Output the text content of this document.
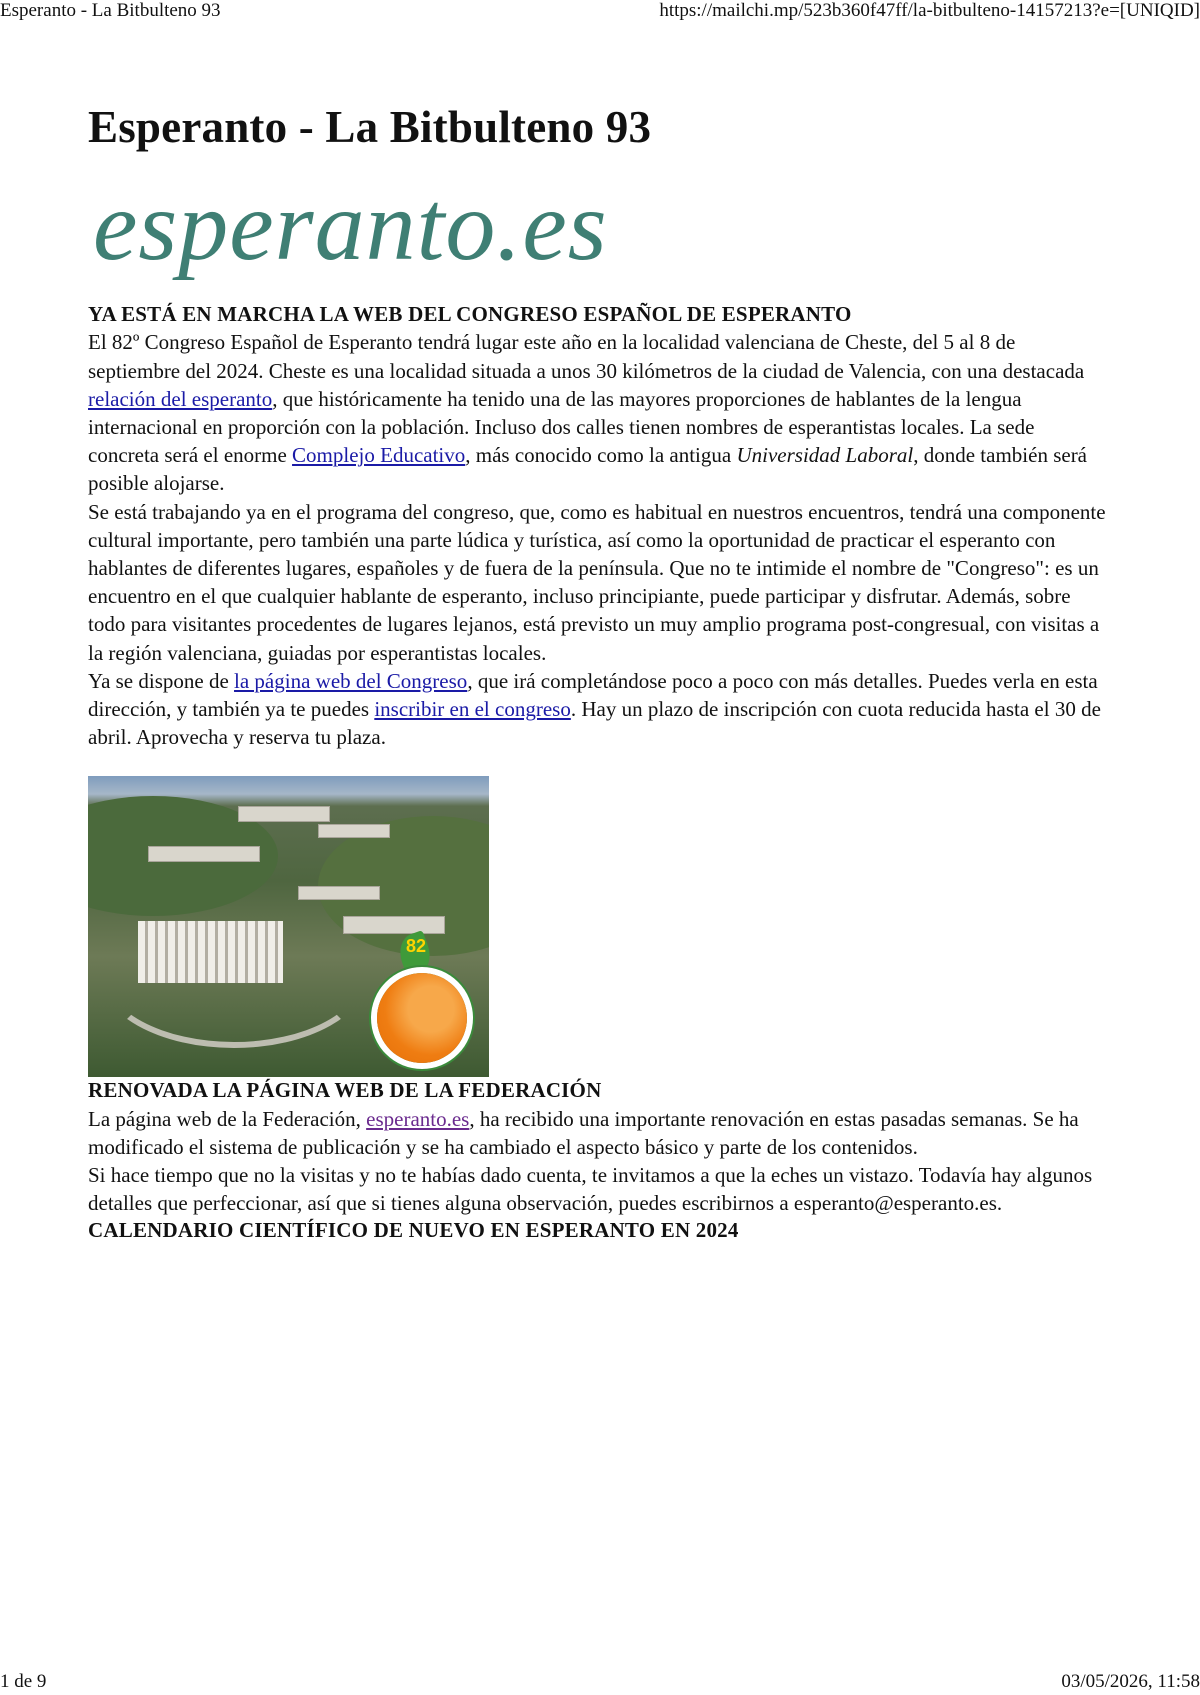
Esperanto - La Bitbulteno 93	https://mailchi.mp/523b360f47ff/la-bitbulteno-14157213?e=[UNIQID]
Esperanto - La Bitbulteno 93
esperanto.es
YA ESTÁ EN MARCHA LA WEB DEL CONGRESO ESPAÑOL DE ESPERANTO

El 82º Congreso Español de Esperanto tendrá lugar este año en la localidad valenciana de Cheste, del 5 al 8 de septiembre del 2024. Cheste es una localidad situada a unos 30 kilómetros de la ciudad de Valencia, con una destacada relación del esperanto, que históricamente ha tenido una de las mayores proporciones de hablantes de la lengua internacional en proporción con la población. Incluso dos calles tienen nombres de esperantistas locales. La sede concreta será el enorme Complejo Educativo, más conocido como la antigua Universidad Laboral, donde también será posible alojarse.

Se está trabajando ya en el programa del congreso, que, como es habitual en nuestros encuentros, tendrá una componente cultural importante, pero también una parte lúdica y turística, así como la oportunidad de practicar el esperanto con hablantes de diferentes lugares, españoles y de fuera de la península. Que no te intimide el nombre de "Congreso": es un encuentro en el que cualquier hablante de esperanto, incluso principiante, puede participar y disfrutar. Además, sobre todo para visitantes procedentes de lugares lejanos, está previsto un muy amplio programa post-congresual, con visitas a la región valenciana, guiadas por esperantistas locales.

Ya se dispone de la página web del Congreso, que irá completándose poco a poco con más detalles. Puedes verla en esta dirección, y también ya te puedes inscribir en el congreso. Hay un plazo de inscripción con cuota reducida hasta el 30 de abril. Aprovecha y reserva tu plaza.

82
RENOVADA LA PÁGINA WEB DE LA FEDERACIÓN

La página web de la Federación, esperanto.es, ha recibido una importante renovación en estas pasadas semanas. Se ha modificado el sistema de publicación y se ha cambiado el aspecto básico y parte de los contenidos.

Si hace tiempo que no la visitas y no te habías dado cuenta, te invitamos a que la eches un vistazo. Todavía hay algunos detalles que perfeccionar, así que si tienes alguna observación, puedes escribirnos a esperanto@esperanto.es.

CALENDARIO CIENTÍFICO DE NUEVO EN ESPERANTO EN 2024
1 de 9	03/05/2026, 11:58
